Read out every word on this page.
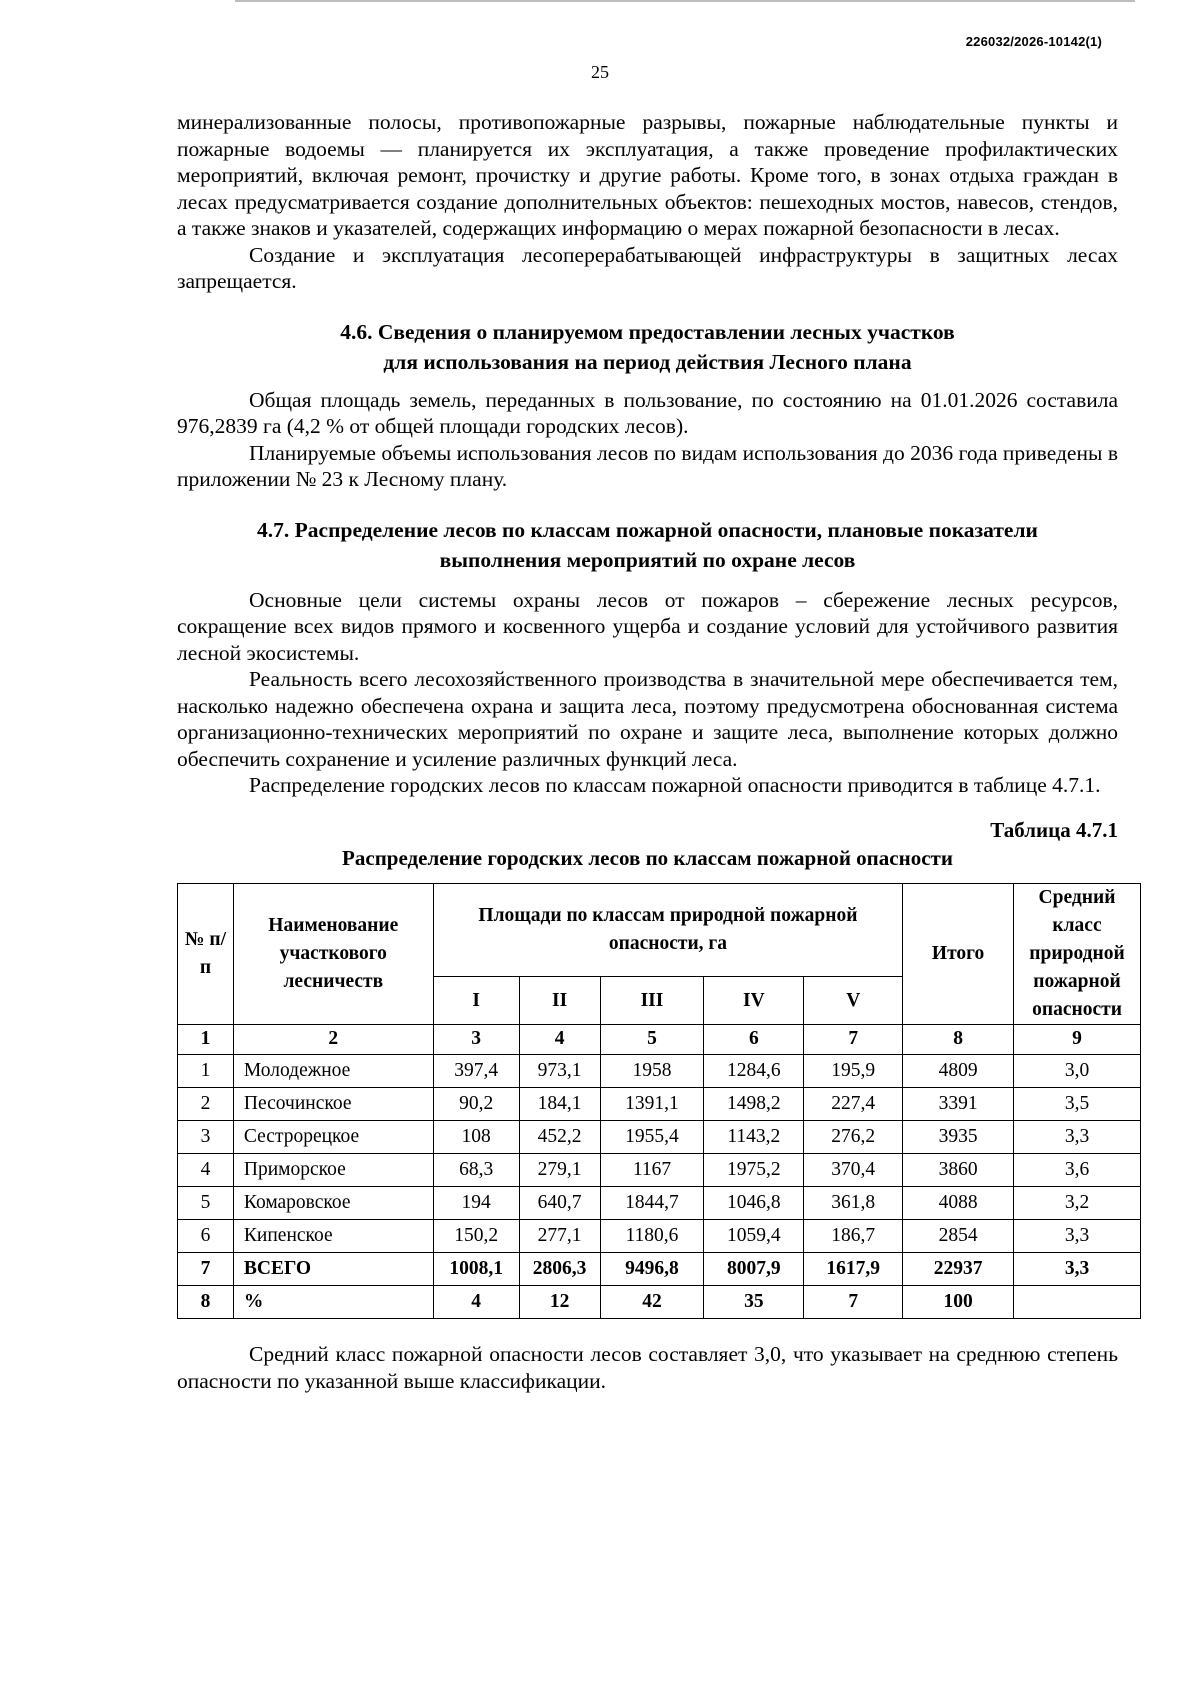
226032/2026-10142(1)
25

минерализованные полосы, противопожарные разрывы, пожарные наблюдательные пункты и пожарные водоемы — планируется их эксплуатация, а также проведение профилактических мероприятий, включая ремонт, прочистку и другие работы. Кроме того, в зонах отдыха граждан в лесах предусматривается создание дополнительных объектов: пешеходных мостов, навесов, стендов, а также знаков и указателей, содержащих информацию о мерах пожарной безопасности в лесах.

Создание и эксплуатация лесоперерабатывающей инфраструктуры в защитных лесах запрещается.

4.6. Сведения о планируемом предоставлении лесных участков
для использования на период действия Лесного плана

Общая площадь земель, переданных в пользование, по состоянию на 01.01.2026 составила 976,2839 га (4,2 % от общей площади городских лесов).

Планируемые объемы использования лесов по видам использования до 2036 года приведены в приложении № 23 к Лесному плану.

4.7. Распределение лесов по классам пожарной опасности, плановые показатели
выполнения мероприятий по охране лесов

Основные цели системы охраны лесов от пожаров – сбережение лесных ресурсов, сокращение всех видов прямого и косвенного ущерба и создание условий для устойчивого развития лесной экосистемы.

Реальность всего лесохозяйственного производства в значительной мере обеспечивается тем, насколько надежно обеспечена охрана и защита леса, поэтому предусмотрена обоснованная система организационно-технических мероприятий по охране и защите леса, выполнение которых должно обеспечить сохранение и усиление различных функций леса.

Распределение городских лесов по классам пожарной опасности приводится в таблице 4.7.1.

Таблица 4.7.1
Распределение городских лесов по классам пожарной опасности
№ п/п	Наименование участкового лесничеств	Площади по классам природной пожарной опасности, га					Итого	Средний класс природной пожарной опасности
		I	II	III	IV	V		
1	2	3	4	5	6	7	8	9
1	Молодежное	397,4	973,1	1958	1284,6	195,9	4809	3,0
2	Песочинское	90,2	184,1	1391,1	1498,2	227,4	3391	3,5
3	Сестрорецкое	108	452,2	1955,4	1143,2	276,2	3935	3,3
4	Приморское	68,3	279,1	1167	1975,2	370,4	3860	3,6
5	Комаровское	194	640,7	1844,7	1046,8	361,8	4088	3,2
6	Кипенское	150,2	277,1	1180,6	1059,4	186,7	2854	3,3
7	ВСЕГО	1008,1	2806,3	9496,8	8007,9	1617,9	22937	3,3
8	%	4	12	42	35	7	100	

Средний класс пожарной опасности лесов составляет 3,0, что указывает на среднюю степень опасности по указанной выше классификации.
